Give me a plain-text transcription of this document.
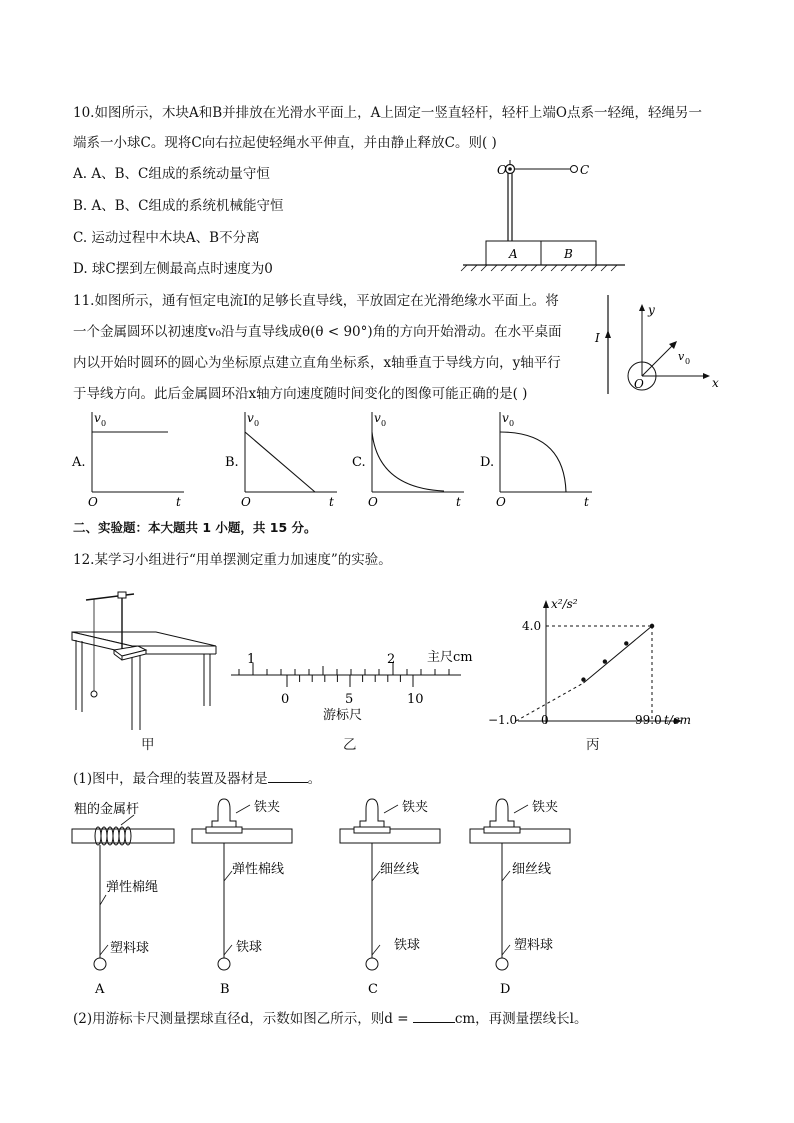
10.如图所示，木块A和B并排放在光滑水平面上，A上固定一竖直轻杆，轻杆上端O点系一轻绳，轻绳另一
端系一小球C。现将C向右拉起使轻绳水平伸直，并由静止释放C。则( )
A. A、B、C组成的系统动量守恒
B. A、B、C组成的系统机械能守恒
C. 运动过程中木块A、B不分离
D. 球C摆到左侧最高点时速度为0
O	C
A	B
11.如图所示，通有恒定电流I的足够长直导线，平放固定在光滑绝缘水平面上。将
一个金属圆环以初速度v₀沿与直导线成θ(θ < 90°)角的方向开始滑动。在水平桌面
内以开始时圆环的圆心为坐标原点建立直角坐标系，x轴垂直于导线方向，y轴平行
于导线方向。此后金属圆环沿x轴方向速度随时间变化的图像可能正确的是( )
I
y
x
O
v 0
v 0
O	t
A.
v 0
O	t
B.
v 0
O	t
C.
v 0
O	t
D.
二、实验题：本大题共 1 小题，共 15 分。
12.某学习小组进行“用单摆测定重力加速度”的实验。
甲
1	2 主尺cm
0	5	10
游标尺
乙
x²/s²
t/cm
−1.0 0	99.0
4.0
丙
(1)图中，最合理的装置及器材是	。
粗的金属杆
弹性棉绳
塑料球
A
铁夹
弹性棉线
铁球
B
铁夹
细丝线
铁球
C
铁夹
细丝线
塑料球
D
(2)用游标卡尺测量摆球直径d，示数如图乙所示，则d =	cm，再测量摆线长l。
